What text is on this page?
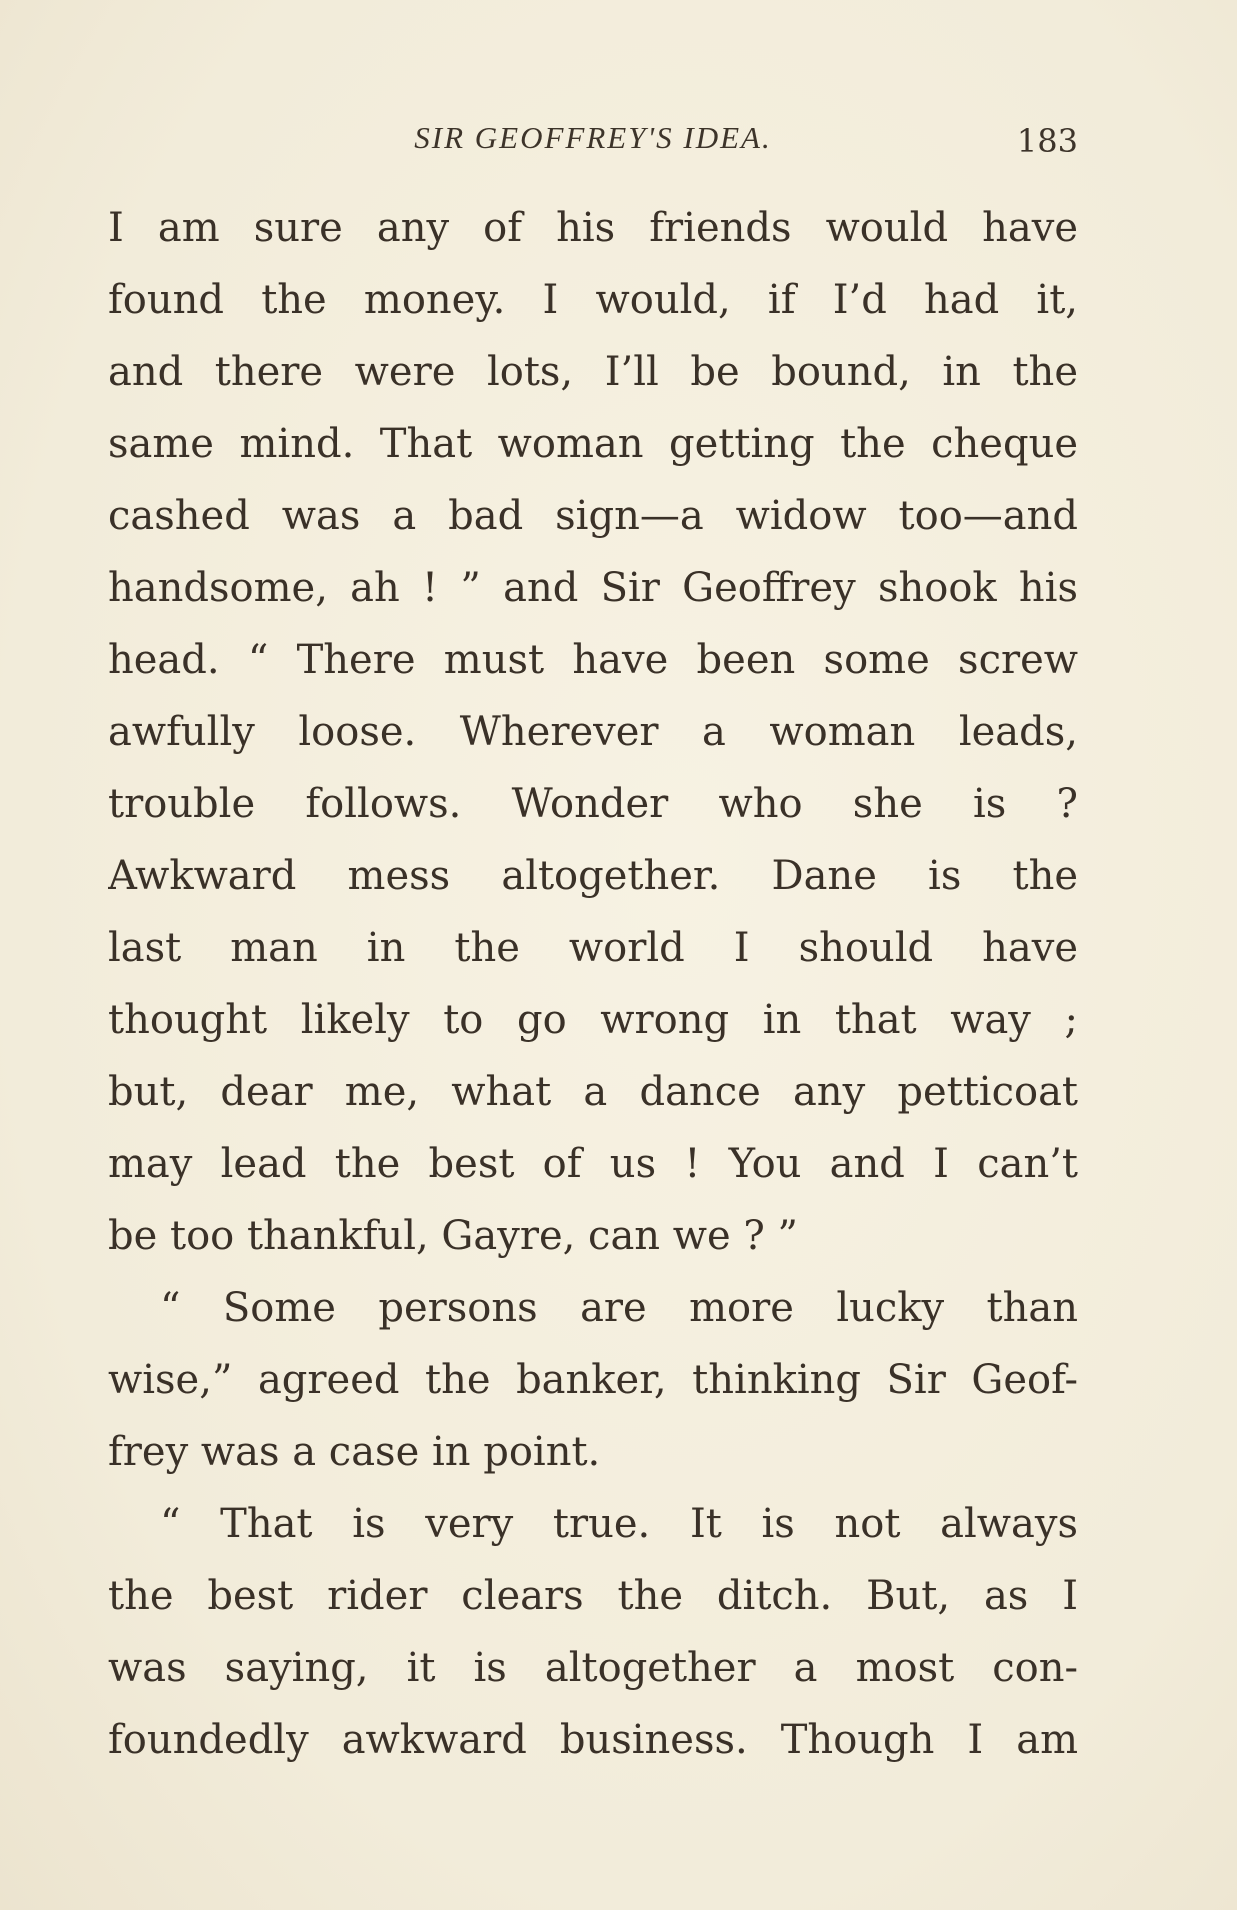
SIR GEOFFREY'S IDEA.	183
I am sure any of his friends would have
found the money. I would, if I’d had it,
and there were lots, I’ll be bound, in the
same mind. That woman getting the cheque
cashed was a bad sign—a widow too—and
handsome, ah ! ” and Sir Geoffrey shook his
head. “ There must have been some screw
awfully loose. Wherever a woman leads,
trouble follows. Wonder who she is ?
Awkward mess altogether. Dane is the
last man in the world I should have
thought likely to go wrong in that way ;
but, dear me, what a dance any petticoat
may lead the best of us ! You and I can’t
be too thankful, Gayre, can we ? ”
“ Some persons are more lucky than
wise,” agreed the banker, thinking Sir Geof-
frey was a case in point.
“ That is very true. It is not always
the best rider clears the ditch. But, as I
was saying, it is altogether a most con-
foundedly awkward business. Though I am
